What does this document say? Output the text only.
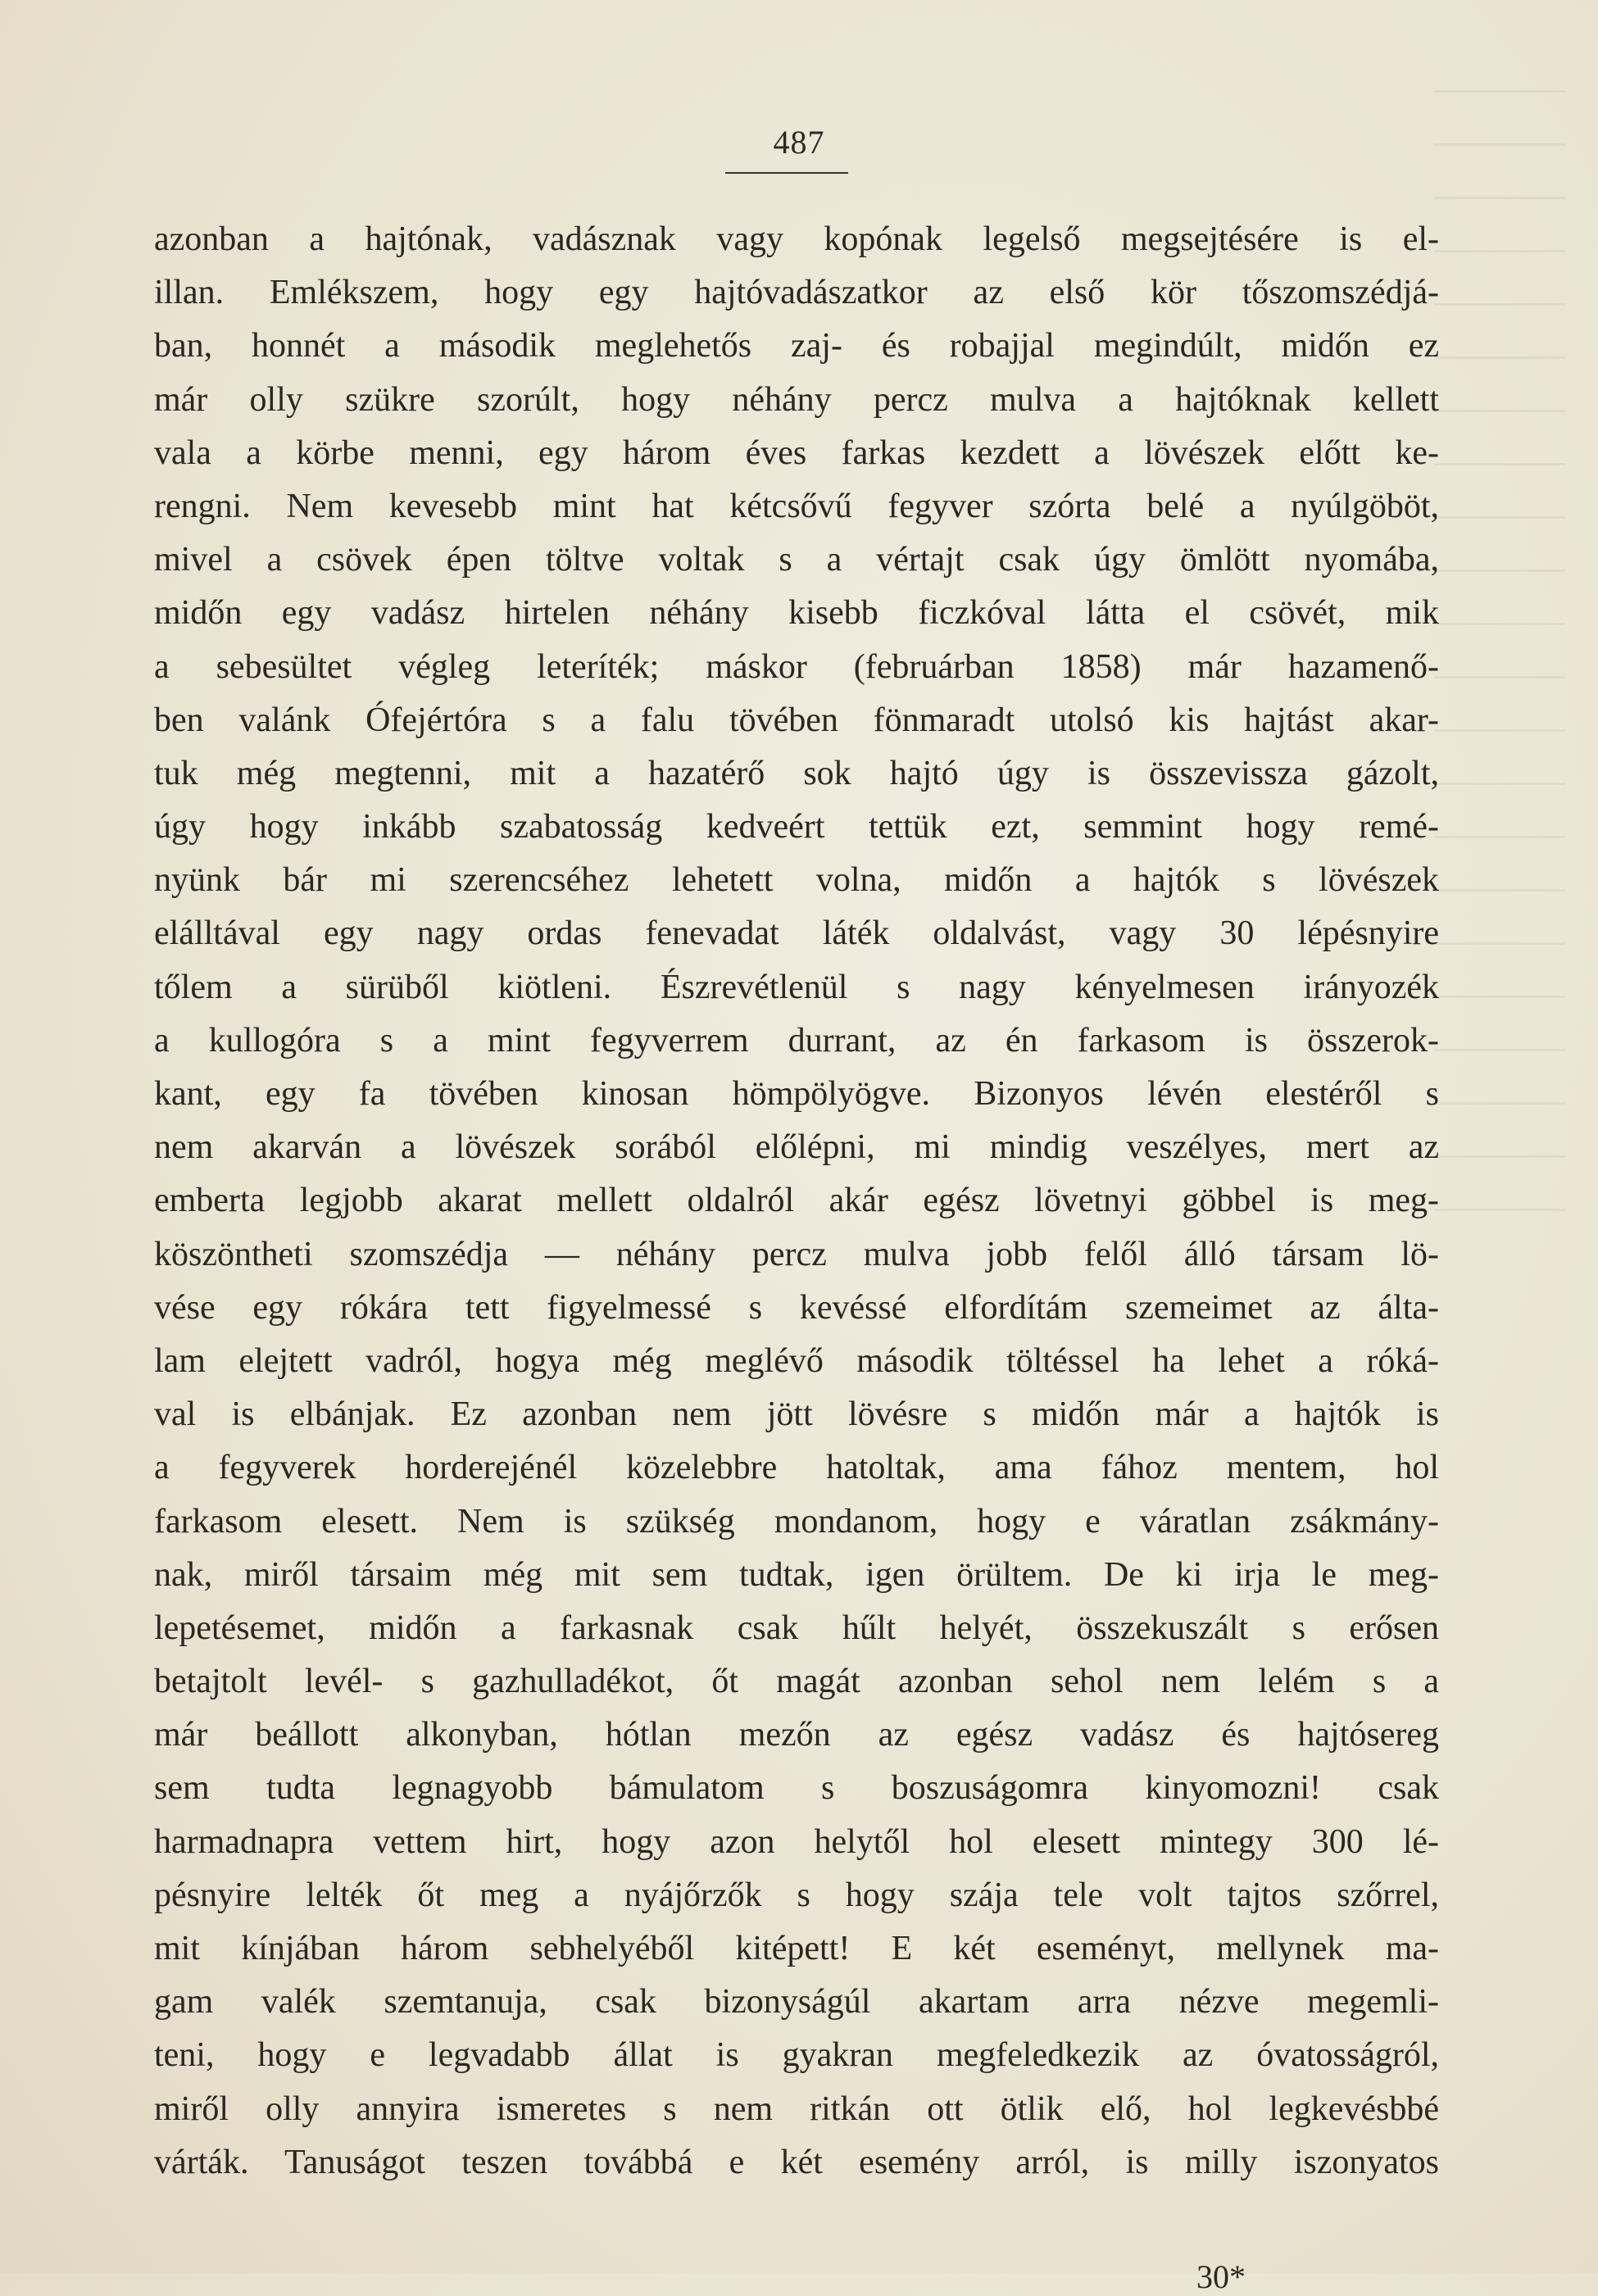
487
azonban a hajtónak, vadásznak vagy kopónak legelső megsejtésére is el-
illan. Emlékszem, hogy egy hajtóvadászatkor az első kör tőszomszédjá-
ban, honnét a második meglehetős zaj- és robajjal megindúlt, midőn ez
már olly szükre szorúlt, hogy néhány percz mulva a hajtóknak kellett
vala a körbe menni, egy három éves farkas kezdett a lövészek előtt ke-
rengni. Nem kevesebb mint hat kétcsővű fegyver szórta belé a nyúlgöböt,
mivel a csövek épen töltve voltak s a vértajt csak úgy ömlött nyomába,
midőn egy vadász hirtelen néhány kisebb ficzkóval látta el csövét, mik
a sebesültet végleg leteríték; máskor (februárban 1858) már hazamenő-
ben valánk Ófejértóra s a falu tövében fönmaradt utolsó kis hajtást akar-
tuk még megtenni, mit a hazatérő sok hajtó úgy is összevissza gázolt,
úgy hogy inkább szabatosság kedveért tettük ezt, semmint hogy remé-
nyünk bár mi szerencséhez lehetett volna, midőn a hajtók s lövészek
elálltával egy nagy ordas fenevadat láték oldalvást, vagy 30 lépésnyire
tőlem a sürüből kiötleni. Észrevétlenül s nagy kényelmesen irányozék
a kullogóra s a mint fegyverrem durrant, az én farkasom is összerok-
kant, egy fa tövében kinosan hömpölyögve. Bizonyos lévén elestéről s
nem akarván a lövészek sorából előlépni, mi mindig veszélyes, mert az
emberta legjobb akarat mellett oldalról akár egész lövetnyi göbbel is meg-
köszöntheti szomszédja — néhány percz mulva jobb felől álló társam lö-
vése egy rókára tett figyelmessé s kevéssé elfordítám szemeimet az álta-
lam elejtett vadról, hogya még meglévő második töltéssel ha lehet a róká-
val is elbánjak. Ez azonban nem jött lövésre s midőn már a hajtók is
a fegyverek horderejénél közelebbre hatoltak, ama fához mentem, hol
farkasom elesett. Nem is szükség mondanom, hogy e váratlan zsákmány-
nak, miről társaim még mit sem tudtak, igen örültem. De ki irja le meg-
lepetésemet, midőn a farkasnak csak hűlt helyét, összekuszált s erősen
betajtolt levél- s gazhulladékot, őt magát azonban sehol nem lelém s a
már beállott alkonyban, hótlan mezőn az egész vadász és hajtósereg
sem tudta legnagyobb bámulatom s boszuságomra kinyomozni! csak
harmadnapra vettem hirt, hogy azon helytől hol elesett mintegy 300 lé-
pésnyire lelték őt meg a nyájőrzők s hogy szája tele volt tajtos szőrrel,
mit kínjában három sebhelyéből kitépett! E két eseményt, mellynek ma-
gam valék szemtanuja, csak bizonyságúl akartam arra nézve megemli-
teni, hogy e legvadabb állat is gyakran megfeledkezik az óvatosságról,
miről olly annyira ismeretes s nem ritkán ott ötlik elő, hol legkevésbbé
várták. Tanuságot teszen továbbá e két esemény arról, is milly iszonyatos
30*
